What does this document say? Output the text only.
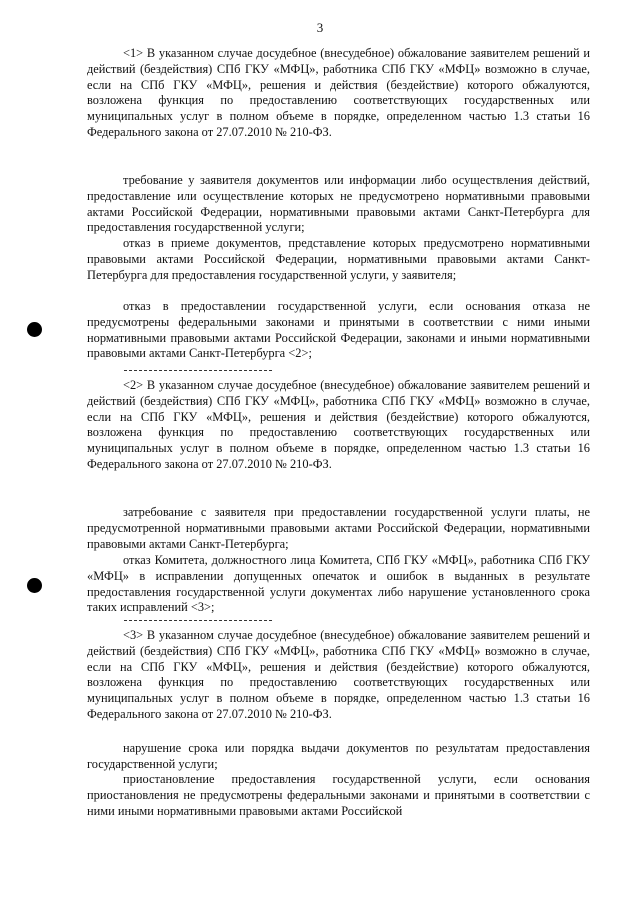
3

<1> В указанном случае досудебное (внесудебное) обжалование заявителем решений и действий (бездействия) СПб ГКУ «МФЦ», работника СПб ГКУ «МФЦ» возможно в случае, если на СПб ГКУ «МФЦ», решения и действия (бездействие) которого обжалуются, возложена функция по предоставлению соответствующих государственных или муниципальных услуг в полном объеме в порядке, определенном частью 1.3 статьи 16 Федерального закона от 27.07.2010 № 210-ФЗ.

требование у заявителя документов или информации либо осуществления действий, предоставление или осуществление которых не предусмотрено нормативными правовыми актами Российской Федерации, нормативными правовыми актами Санкт-Петербурга для предоставления государственной услуги;

отказ в приеме документов, представление которых предусмотрено нормативными правовыми актами Российской Федерации, нормативными правовыми актами Санкт-Петербурга для предоставления государственной услуги, у заявителя;

отказ в предоставлении государственной услуги, если основания отказа не предусмотрены федеральными законами и принятыми в соответствии с ними иными нормативными правовыми актами Российской Федерации, законами и иными нормативными правовыми актами Санкт-Петербурга <2>;

<2> В указанном случае досудебное (внесудебное) обжалование заявителем решений и действий (бездействия) СПб ГКУ «МФЦ», работника СПб ГКУ «МФЦ» возможно в случае, если на СПб ГКУ «МФЦ», решения и действия (бездействие) которого обжалуются, возложена функция по предоставлению соответствующих государственных или муниципальных услуг в полном объеме в порядке, определенном частью 1.3 статьи 16 Федерального закона от 27.07.2010 № 210-ФЗ.

затребование с заявителя при предоставлении государственной услуги платы, не предусмотренной нормативными правовыми актами Российской Федерации, нормативными правовыми актами Санкт-Петербурга;

отказ Комитета, должностного лица Комитета, СПб ГКУ «МФЦ», работника СПб ГКУ «МФЦ» в исправлении допущенных опечаток и ошибок в выданных в результате предоставления государственной услуги документах либо нарушение установленного срока таких исправлений <3>;

<3> В указанном случае досудебное (внесудебное) обжалование заявителем решений и действий (бездействия) СПб ГКУ «МФЦ», работника СПб ГКУ «МФЦ» возможно в случае, если на СПб ГКУ «МФЦ», решения и действия (бездействие) которого обжалуются, возложена функция по предоставлению соответствующих государственных или муниципальных услуг в полном объеме в порядке, определенном частью 1.3 статьи 16 Федерального закона от 27.07.2010 № 210-ФЗ.

нарушение срока или порядка выдачи документов по результатам предоставления государственной услуги;

приостановление предоставления государственной услуги, если основания приостановления не предусмотрены федеральными законами и принятыми в соответствии с ними иными нормативными правовыми актами Российской
